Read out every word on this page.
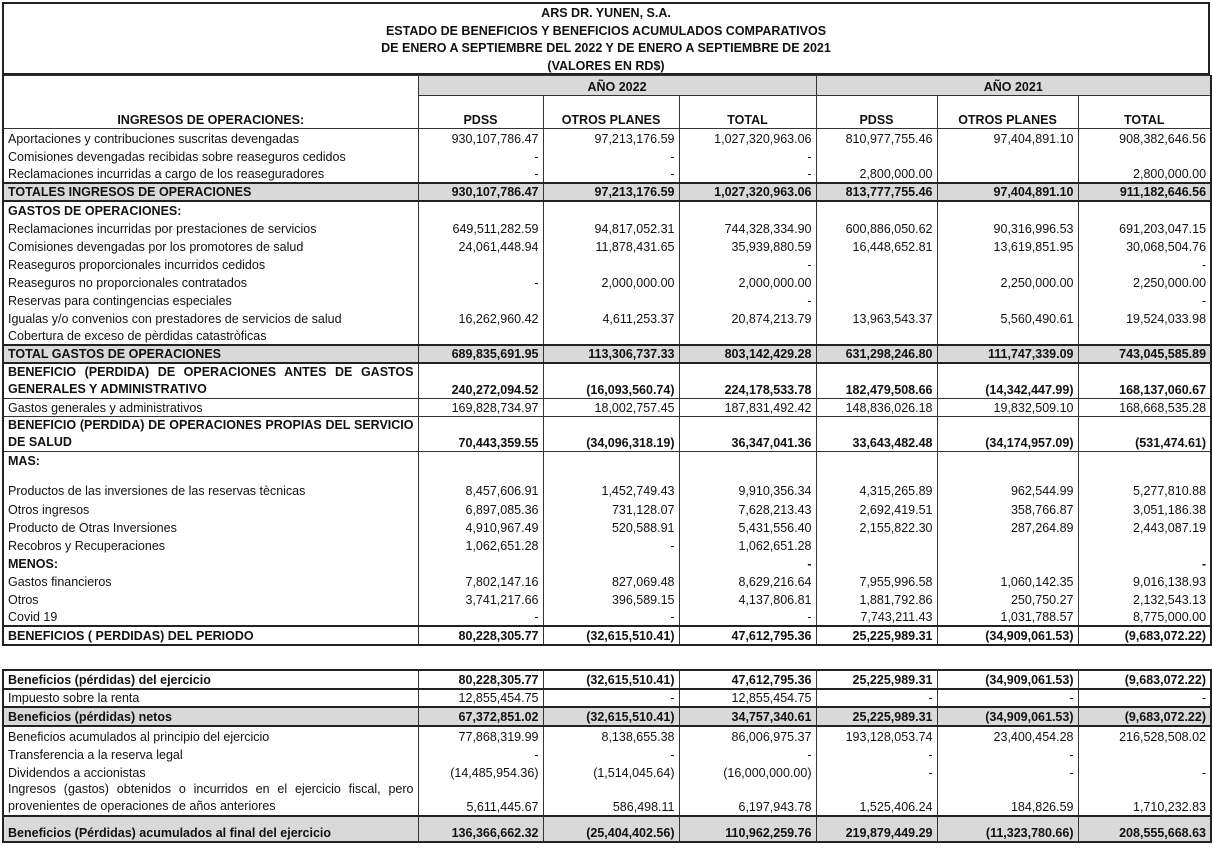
ARS DR. YUNEN, S.A.
ESTADO DE BENEFICIOS Y BENEFICIOS ACUMULADOS COMPARATIVOS
DE ENERO A SEPTIEMBRE DEL 2022 Y DE ENERO A SEPTIEMBRE DE 2021
(VALORES EN RD$)
	AÑO 2022			AÑO 2021		
INGRESOS DE OPERACIONES:	PDSS	OTROS PLANES	TOTAL	PDSS	OTROS PLANES	TOTAL
Aportaciones y contribuciones suscritas devengadas	930,107,786.47	97,213,176.59	1,027,320,963.06	810,977,755.46	97,404,891.10	908,382,646.56
Comisiones devengadas recibidas sobre reaseguros cedidos	-	-	-			
Reclamaciones incurridas a cargo de los reaseguradores	-	-	-	2,800,000.00		2,800,000.00
TOTALES INGRESOS DE OPERACIONES	930,107,786.47	97,213,176.59	1,027,320,963.06	813,777,755.46	97,404,891.10	911,182,646.56
GASTOS DE OPERACIONES:						
Reclamaciones incurridas por prestaciones de servicios	649,511,282.59	94,817,052.31	744,328,334.90	600,886,050.62	90,316,996.53	691,203,047.15
Comisiones devengadas por los promotores de salud	24,061,448.94	11,878,431.65	35,939,880.59	16,448,652.81	13,619,851.95	30,068,504.76
Reaseguros proporcionales incurridos cedidos			-			-
Reaseguros no proporcionales contratados	-	2,000,000.00	2,000,000.00		2,250,000.00	2,250,000.00
Reservas para contingencias especiales			-			-
Igualas y/o convenios con prestadores de servicios de salud	16,262,960.42	4,611,253.37	20,874,213.79	13,963,543.37	5,560,490.61	19,524,033.98
Cobertura de exceso de pèrdidas catastròficas						
TOTAL GASTOS DE OPERACIONES	689,835,691.95	113,306,737.33	803,142,429.28	631,298,246.80	111,747,339.09	743,045,585.89
BENEFICIO (PERDIDA) DE OPERACIONES ANTES DE GASTOS GENERALES Y ADMINISTRATIVO	240,272,094.52	(16,093,560.74)	224,178,533.78	182,479,508.66	(14,342,447.99)	168,137,060.67
Gastos generales y administrativos	169,828,734.97	18,002,757.45	187,831,492.42	148,836,026.18	19,832,509.10	168,668,535.28
BENEFICIO (PERDIDA) DE OPERACIONES PROPIAS DEL SERVICIO DE SALUD	70,443,359.55	(34,096,318.19)	36,347,041.36	33,643,482.48	(34,174,957.09)	(531,474.61)
MAS:						
Productos de las inversiones de las reservas tècnicas	8,457,606.91	1,452,749.43	9,910,356.34	4,315,265.89	962,544.99	5,277,810.88
Otros ingresos	6,897,085.36	731,128.07	7,628,213.43	2,692,419.51	358,766.87	3,051,186.38
Producto de Otras Inversiones	4,910,967.49	520,588.91	5,431,556.40	2,155,822.30	287,264.89	2,443,087.19
Recobros y Recuperaciones	1,062,651.28	-	1,062,651.28			
MENOS:			-			-
Gastos financieros	7,802,147.16	827,069.48	8,629,216.64	7,955,996.58	1,060,142.35	9,016,138.93
Otros	3,741,217.66	396,589.15	4,137,806.81	1,881,792.86	250,750.27	2,132,543.13
Covid 19	-	-	-	7,743,211.43	1,031,788.57	8,775,000.00
BENEFICIOS ( PERDIDAS) DEL PERIODO	80,228,305.77	(32,615,510.41)	47,612,795.36	25,225,989.31	(34,909,061.53)	(9,683,072.22)
Beneficios (pérdidas) del ejercicio	80,228,305.77	(32,615,510.41)	47,612,795.36	25,225,989.31	(34,909,061.53)	(9,683,072.22)
Impuesto sobre la renta	12,855,454.75	-	12,855,454.75	-	-	-
Beneficios (pérdidas) netos	67,372,851.02	(32,615,510.41)	34,757,340.61	25,225,989.31	(34,909,061.53)	(9,683,072.22)
Beneficios acumulados al principio del ejercicio	77,868,319.99	8,138,655.38	86,006,975.37	193,128,053.74	23,400,454.28	216,528,508.02
Transferencia a la reserva legal	-	-	-	-	-	
Dividendos a accionistas	(14,485,954.36)	(1,514,045.64)	(16,000,000.00)	-	-	-
Ingresos (gastos) obtenidos o incurridos en el ejercicio fiscal, pero provenientes de operaciones de años anteriores	5,611,445.67	586,498.11	6,197,943.78	1,525,406.24	184,826.59	1,710,232.83
Beneficios (Pérdidas) acumulados al final del ejercicio	136,366,662.32	(25,404,402.56)	110,962,259.76	219,879,449.29	(11,323,780.66)	208,555,668.63
